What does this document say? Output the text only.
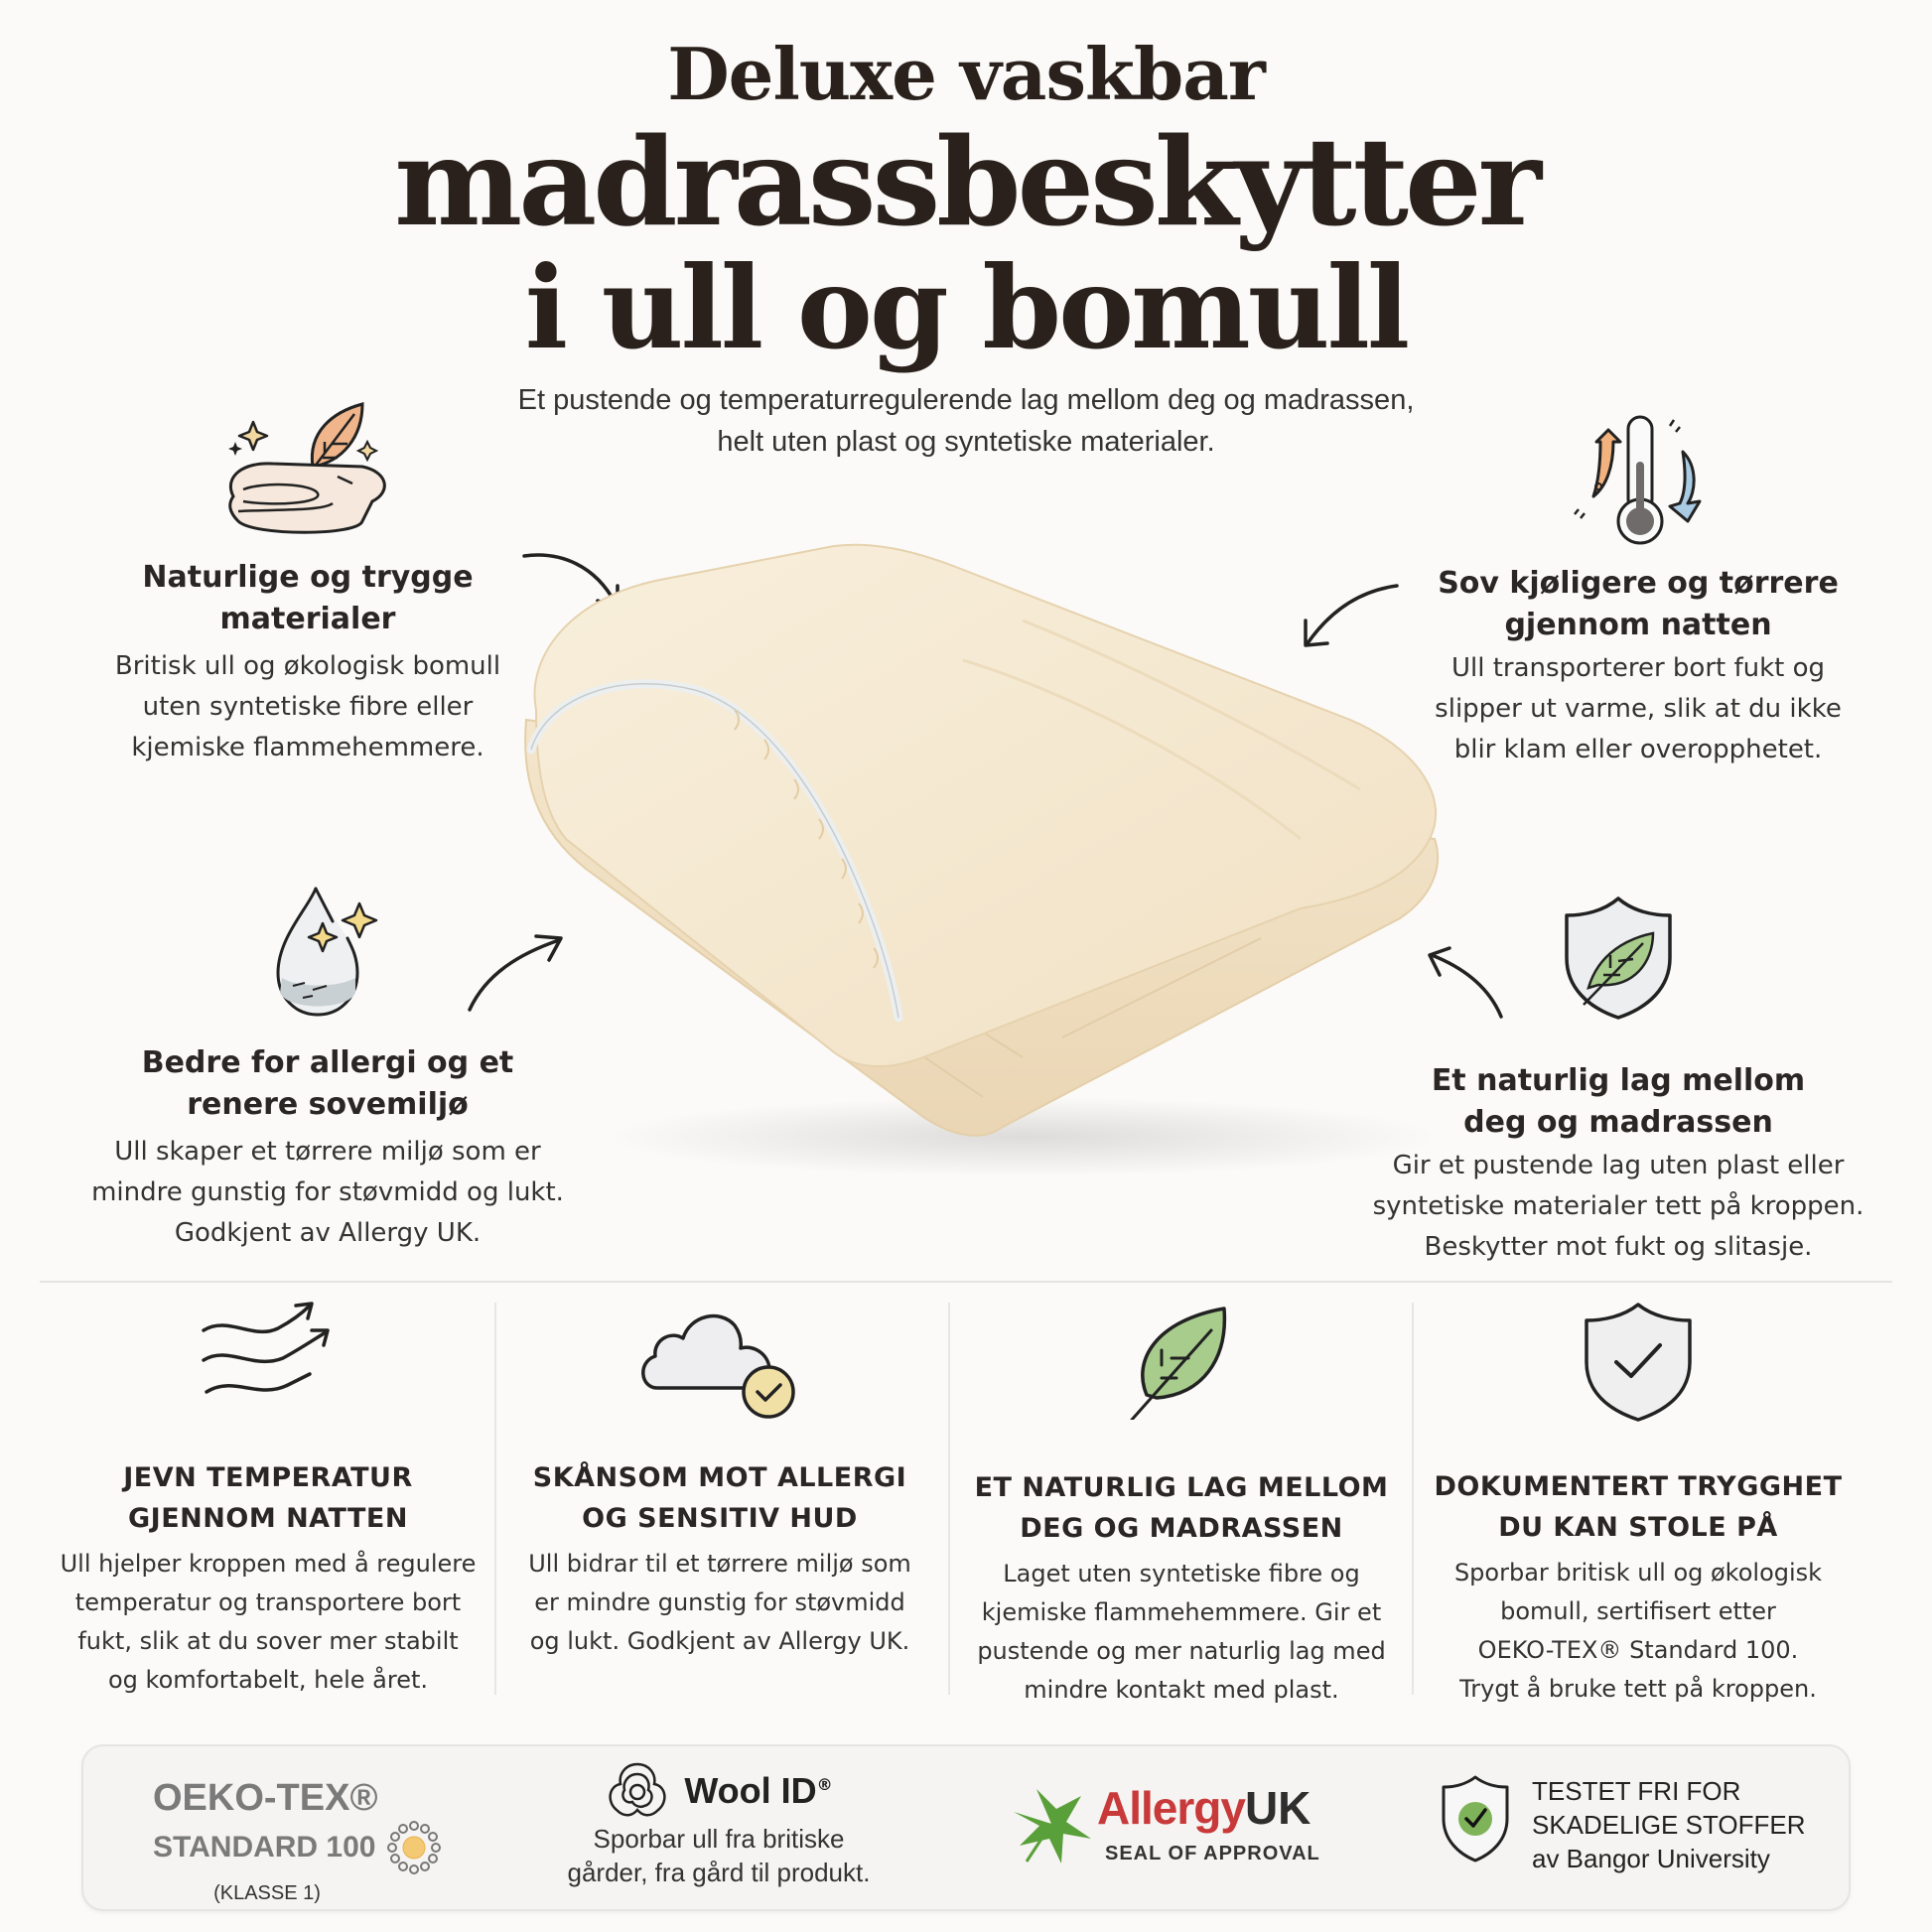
Deluxe vaskbar
madrassbeskytter
i ull og bomull
Et pustende og temperaturregulerende lag mellom deg og madrassen,
helt uten plast og syntetiske materialer.
Naturlige og trygge
materialer

Britisk ull og økologisk bomull
uten syntetiske fibre eller
kjemiske flammehemmere.

Sov kjøligere og tørrere
gjennom natten

Ull transporterer bort fukt og
slipper ut varme, slik at du ikke
blir klam eller overopphetet.

Bedre for allergi og et
renere sovemiljø

Ull skaper et tørrere miljø som er
mindre gunstig for støvmidd og lukt.
Godkjent av Allergy UK.

Et naturlig lag mellom
deg og madrassen

Gir et pustende lag uten plast eller
syntetiske materialer tett på kroppen.
Beskytter mot fukt og slitasje.

JEVN TEMPERATUR
GJENNOM NATTEN

Ull hjelper kroppen med å regulere
temperatur og transportere bort
fukt, slik at du sover mer stabilt
og komfortabelt, hele året.

SKÅNSOM MOT ALLERGI
OG SENSITIV HUD

Ull bidrar til et tørrere miljø som
er mindre gunstig for støvmidd
og lukt. Godkjent av Allergy UK.

ET NATURLIG LAG MELLOM
DEG OG MADRASSEN

Laget uten syntetiske fibre og
kjemiske flammehemmere. Gir et
pustende og mer naturlig lag med
mindre kontakt med plast.

DOKUMENTERT TRYGGHET
DU KAN STOLE PÅ

Sporbar britisk ull og økologisk
bomull, sertifisert etter
OEKO-TEX® Standard 100.
Trygt å bruke tett på kroppen.

OEKO-TEX®
STANDARD 100
(KLASSE 1)
Wool ID ®
Sporbar ull fra britiske
gårder, fra gård til produkt.
AllergyUK
SEAL OF APPROVAL
TESTET FRI FOR
SKADELIGE STOFFER
av Bangor University
